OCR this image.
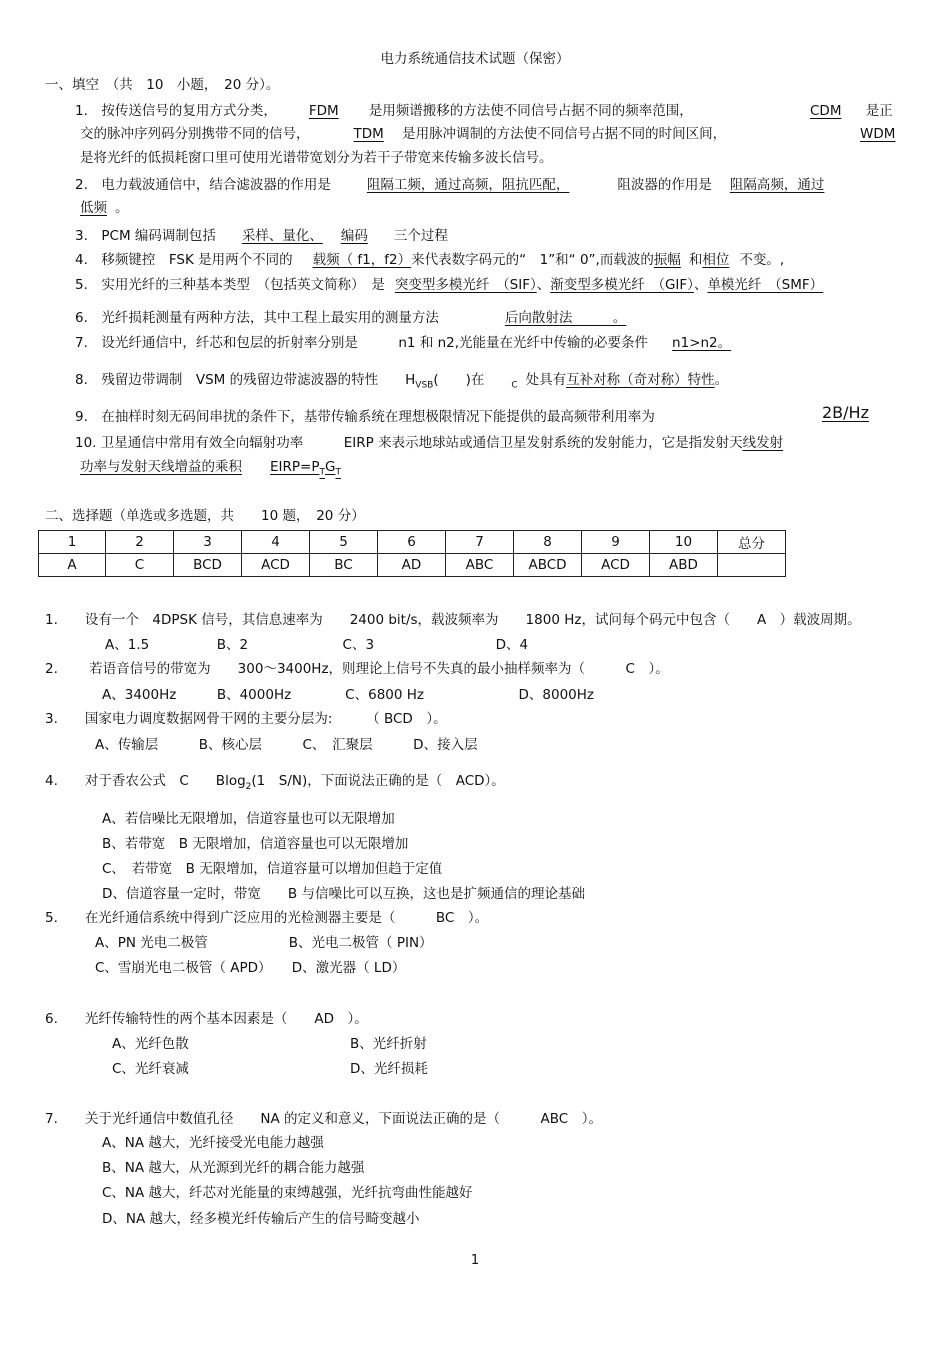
电力系统通信技术试题（保密）
一、填空　（共　10　小题，　20 分）。
1.　按传送信号的复用方式分类， FDM 是用频谱搬移的方法使不同信号占据不同的频率范围，	CDM 是正
交的脉冲序列码分别携带不同的信号，	TDM 是用脉冲调制的方法使不同信号占据不同的时间区间，	WDM
是将光纤的低损耗窗口里可使用光谱带宽划分为若干子带宽来传输多波长信号。
2.　电力载波通信中，结合滤波器的作用是	阻隔工频，通过高频，阻抗匹配，	阻波器的作用是 阻隔高频，通过
低频 。
3.　PCM 编码调制包括 采样、量化、 编码 三个过程
4.　移频键控　FSK 是用两个不同的 载频（ f1，f2）来代表数字码元的“　1”和“ 0”,而载波的振幅 和相位 不变。,
5.　实用光纤的三种基本类型　（包括英文简称）　是 突变型多模光纤　（SIF）、渐变型多模光纤　（GIF）、单模光纤　（SMF）
6.　光纤损耗测量有两种方法，其中工程上最实用的测量方法	后向散射法　　　。
7.　设光纤通信中，纤芯和包层的折射率分别是　　　n1 和 n2,光能量在光纤中传输的必要条件 n1>n2。
8.　残留边带调制　VSM 的残留边带滤波器的特性　　$H_{VSB}$(　　)在　　$_C$ 处具有互补对称（奇对称）特性。
9.　在抽样时刻无码间串扰的条件下，基带传输系统在理想极限情况下能提供的最高频带利用率为	2B/Hz
10. 卫星通信中常用有效全向辐射功率　　　EIRP 来表示地球站或通信卫星发射系统的发射能力，它是指发射天线发射
功率与发射天线增益的乘积 $EIRP=P_TG_T$
二、选择题（单选或多选题，共　　10 题，　20 分）
1	2	3	4	5	6	7	8	9	10	总分
A	C	BCD	ACD	BC	AD	ABC	ABCD	ACD	ABD	
1.　　设有一个　4DPSK 信号，其信息速率为　　2400 bit/s，载波频率为　　1800 Hz，试问每个码元中包含（　　A　）载波周期。
A、1.5　　　　　B、2　　　　　　　C、3　　　　　　　　　D、4
2.　　 若语音信号的带宽为　　300～3400Hz，则理论上信号不失真的最小抽样频率为（　　　C　）。
A、3400Hz　　　B、4000Hz　　　　C、6800 Hz　　　　　　　D、8000Hz
3.　　国家电力调度数据网骨干网的主要分层为:　　　（ BCD　）。
A、传输层　　　B、核心层　　　C、　汇聚层　　　D、接入层
4.　　对于香农公式　C　　Blog$_2$(1　S/N)，下面说法正确的是（　ACD）。
A、若信噪比无限增加，信道容量也可以无限增加
B、若带宽　B 无限增加，信道容量也可以无限增加
C、　若带宽　B 无限增加，信道容量可以增加但趋于定值
D、信道容量一定时，带宽　　B 与信噪比可以互换，这也是扩频通信的理论基础
5.　　在光纤通信系统中得到广泛应用的光检测器主要是（　　　BC　）。
A、PN 光电二极管　　　　　　B、光电二极管（ PIN）
C、雪崩光电二极管（ APD）　　D、激光器（ LD）
6.　　光纤传输特性的两个基本因素是（　　AD　）。
A、光纤色散	B、光纤折射
C、光纤衰减	D、光纤损耗
7.　　关于光纤通信中数值孔径　　NA 的定义和意义，下面说法正确的是（　　　ABC　）。
A、NA 越大，光纤接受光电能力越强
B、NA 越大，从光源到光纤的耦合能力越强
C、NA 越大，纤芯对光能量的束缚越强，光纤抗弯曲性能越好
D、NA 越大，经多模光纤传输后产生的信号畸变越小
1
